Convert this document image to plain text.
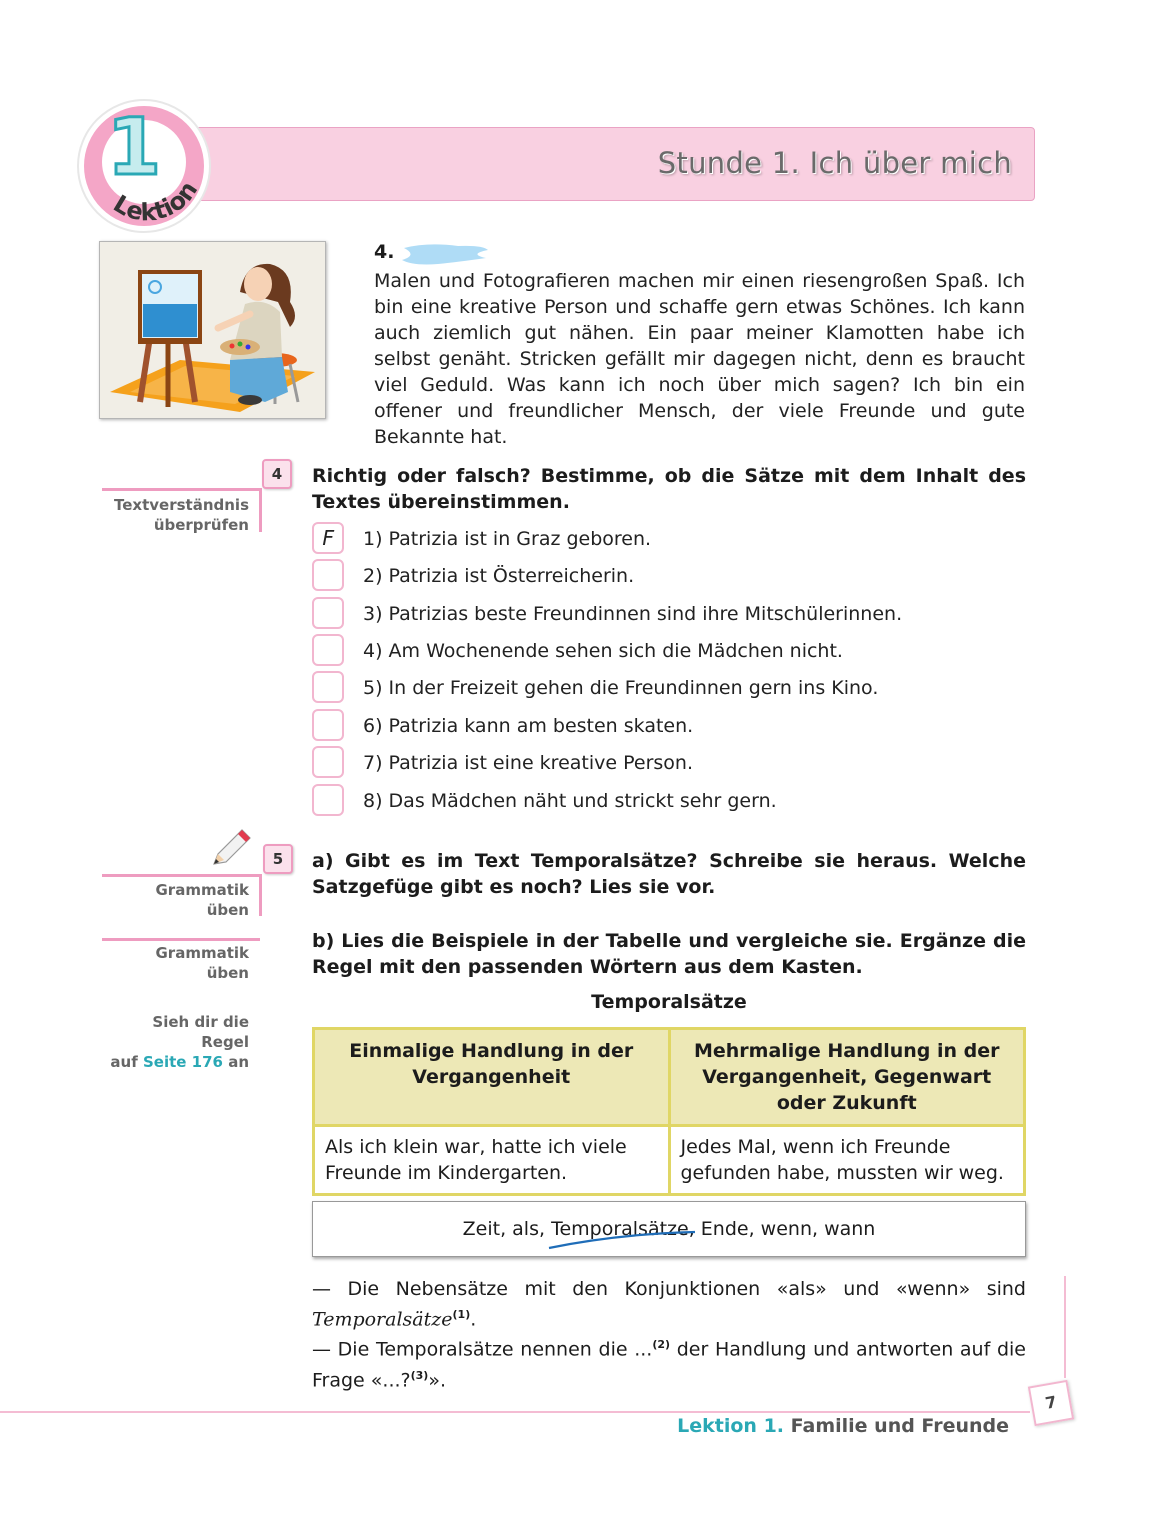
Stunde 1. Ich über mich
1
Lektion
4.
Malen und Fotografieren machen mir einen riesengroßen Spaß. Ich bin eine kreative Person und schaffe gern etwas Schönes. Ich kann auch ziemlich gut nähen. Ein paar meiner Klamotten habe ich selbst genäht. Stricken gefällt mir dagegen nicht, denn es braucht viel Geduld. Was kann ich noch über mich sagen? Ich bin ein offener und freundlicher Mensch, der viele Freunde und gute Bekannte hat.
4
Textverständnis
überprüfen
Richtig oder falsch? Bestimme, ob die Sätze mit dem Inhalt des Textes übereinstimmen.
F	1) Patrizia ist in Graz geboren.
2) Patrizia ist Österreicherin.
3) Patrizias beste Freundinnen sind ihre Mitschülerinnen.
4) Am Wochenende sehen sich die Mädchen nicht.
5) In der Freizeit gehen die Freundinnen gern ins Kino.
6) Patrizia kann am besten skaten.
7) Patrizia ist eine kreative Person.
8) Das Mädchen näht und strickt sehr gern.
5
Grammatik
üben
Grammatik
üben
Sieh dir die Regel
auf Seite 176 an
a) Gibt es im Text Temporalsätze? Schreibe sie heraus. Welche Satzgefüge gibt es noch? Lies sie vor.
b) Lies die Beispiele in der Tabelle und vergleiche sie. Ergänze die Regel mit den passenden Wörtern aus dem Kasten.
Temporalsätze
Einmalige Handlung in der Vergangenheit	Mehrmalige Handlung in der Vergangenheit, Gegenwart oder Zukunft
Als ich klein war, hatte ich viele Freunde im Kindergarten.	Jedes Mal, wenn ich Freunde gefunden habe, mussten wir weg.
Zeit, als, Temporalsätze
, Ende, wenn, wann
— Die Nebensätze mit den Konjunktionen «als» und «wenn» sind Temporalsätze$^{(1)}$.
— Die Temporalsätze nennen die ...$^{(2)}$ der Handlung und antworten auf die Frage «...?$^{(3)}$».
7
Lektion 1. Familie und Freunde
